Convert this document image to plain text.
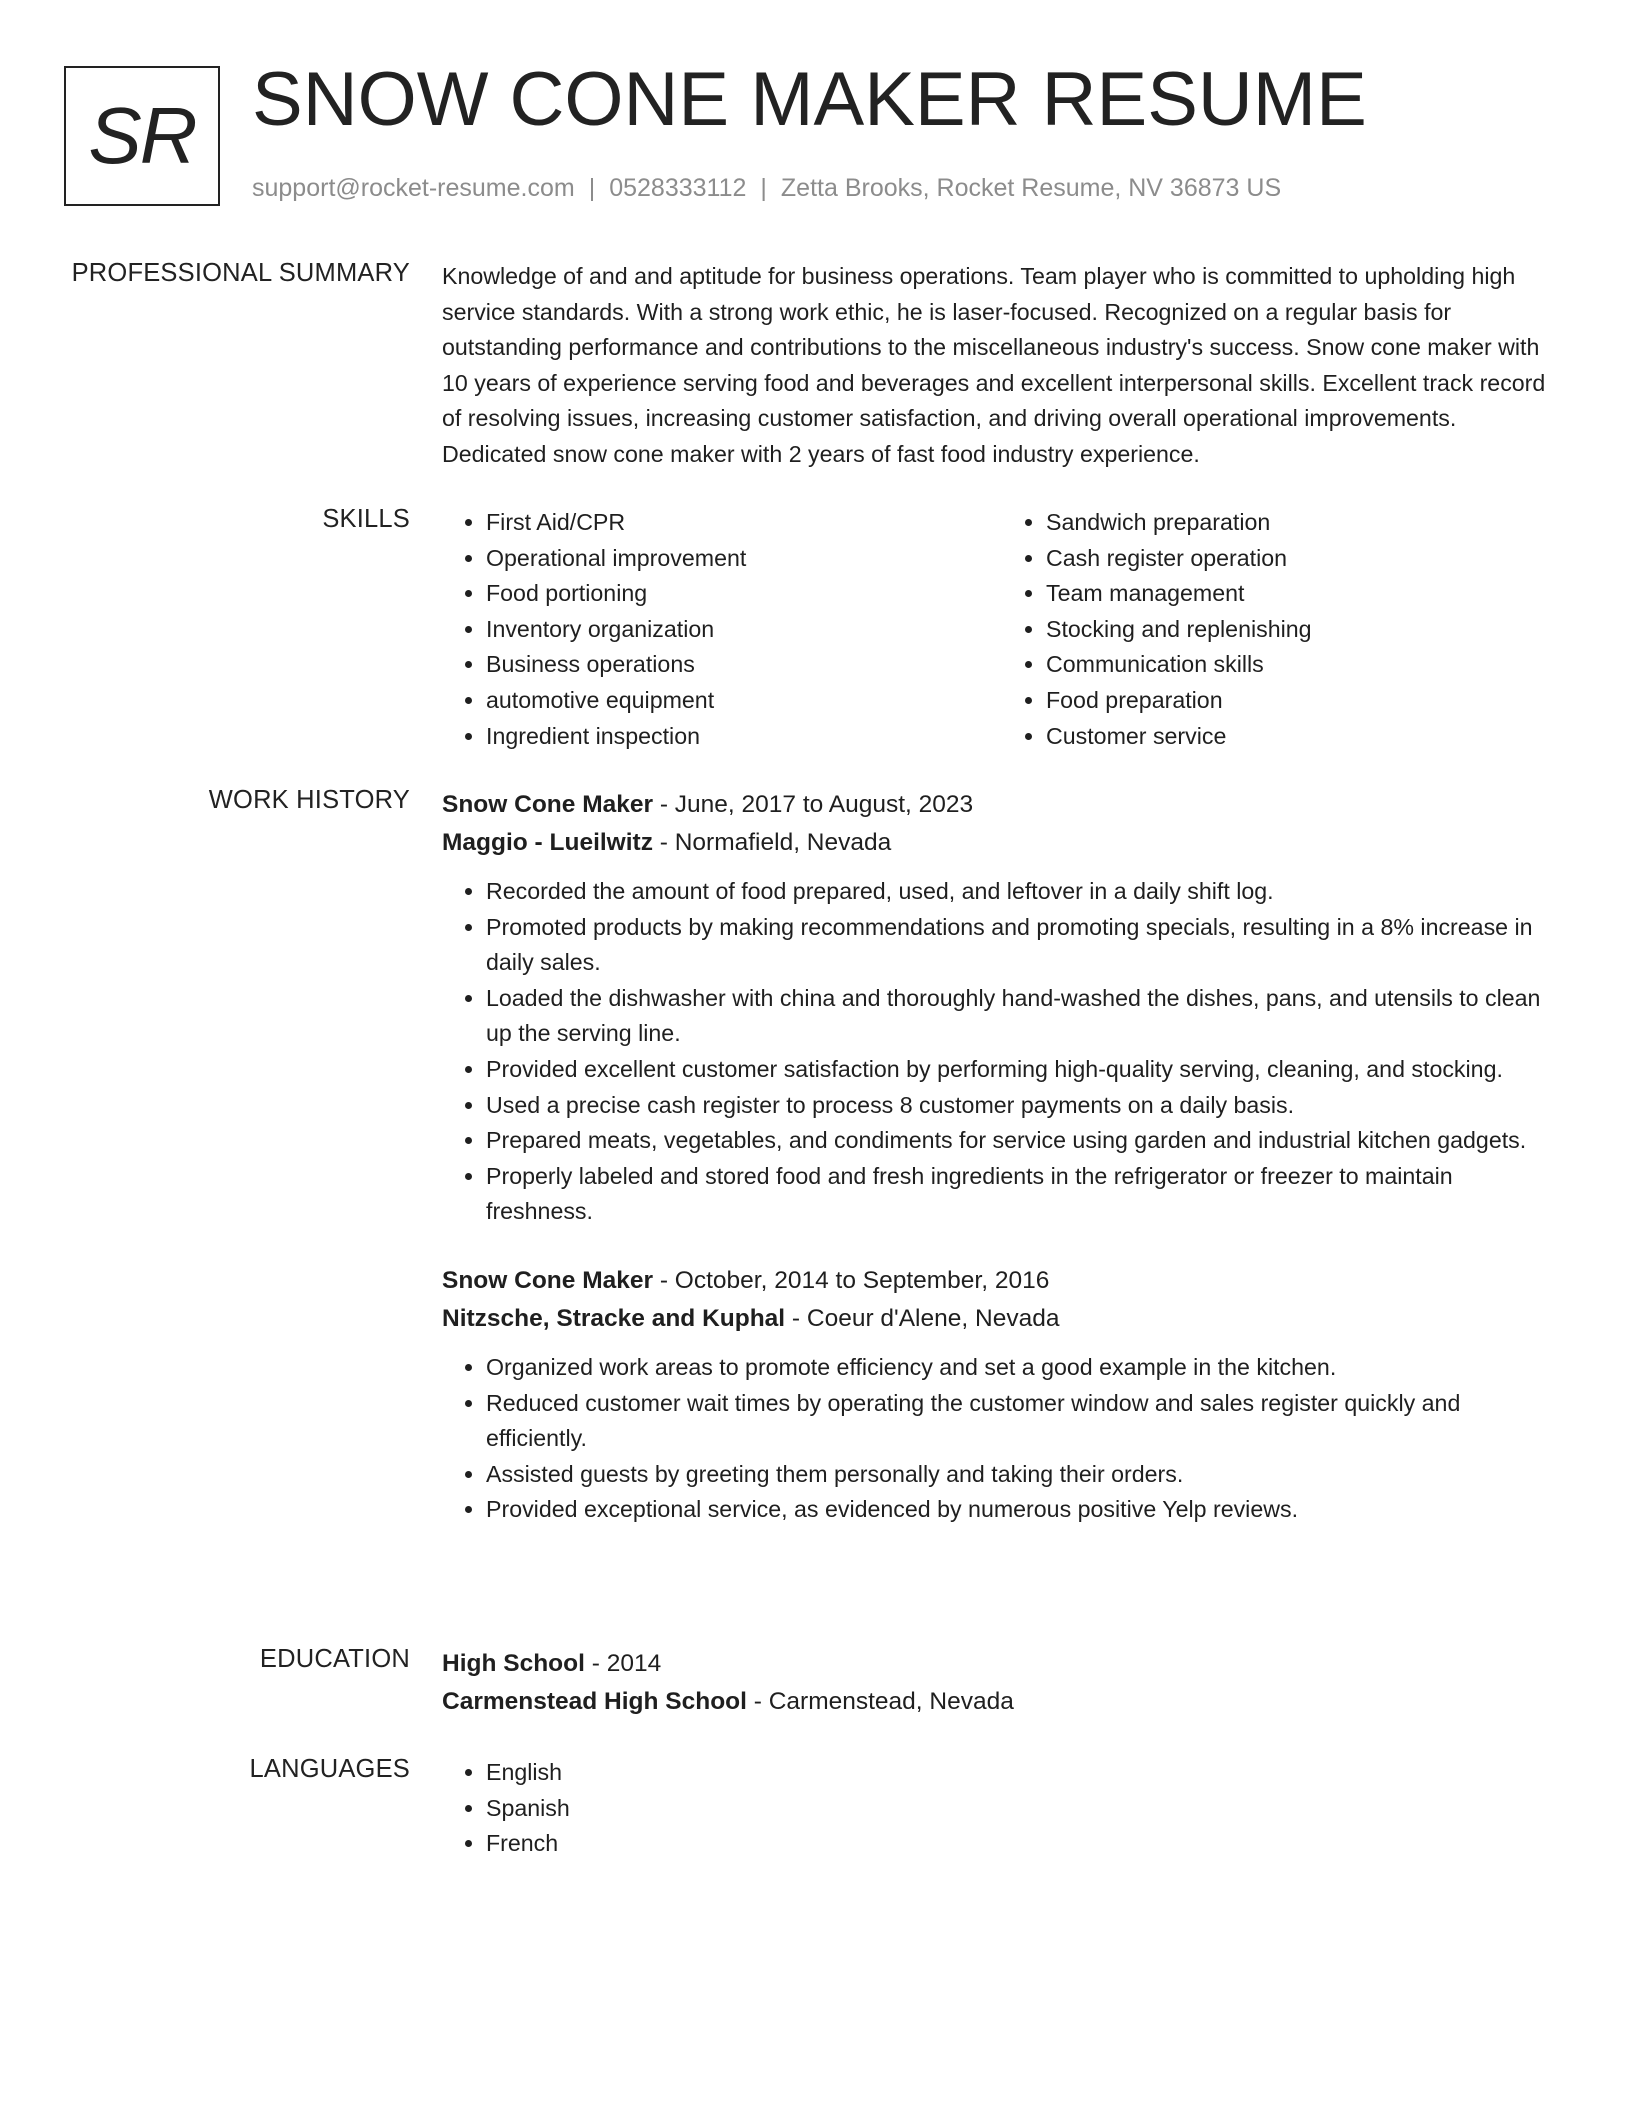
SR SNOW CONE MAKER RESUME
support@rocket-resume.com | 0528333112 | Zetta Brooks, Rocket Resume, NV 36873 US
PROFESSIONAL SUMMARY Knowledge of and and aptitude for business operations. Team player who is committed to upholding high service standards. With a strong work ethic, he is laser-focused. Recognized on a regular basis for outstanding performance and contributions to the miscellaneous industry's success. Snow cone maker with 10 years of experience serving food and beverages and excellent interpersonal skills. Excellent track record of resolving issues, increasing customer satisfaction, and driving overall operational improvements. Dedicated snow cone maker with 2 years of fast food industry experience.

SKILLS	• First Aid/CPR
• Operational improvement
• Food portioning
• Inventory organization
• Business operations
• automotive equipment
• Ingredient inspection
• Sandwich preparation
• Cash register operation
• Team management
• Stocking and replenishing
• Communication skills
• Food preparation
• Customer service
WORK HISTORY Snow Cone Maker - June, 2017 to August, 2023
Maggio - Lueilwitz - Normafield, Nevada
• Recorded the amount of food prepared, used, and leftover in a daily shift log.
• Promoted products by making recommendations and promoting specials, resulting in a 8% increase in daily sales.
• Loaded the dishwasher with china and thoroughly hand-washed the dishes, pans, and utensils to clean up the serving line.
• Provided excellent customer satisfaction by performing high-quality serving, cleaning, and stocking.
• Used a precise cash register to process 8 customer payments on a daily basis.
• Prepared meats, vegetables, and condiments for service using garden and industrial kitchen gadgets.
• Properly labeled and stored food and fresh ingredients in the refrigerator or freezer to maintain freshness.
Snow Cone Maker - October, 2014 to September, 2016
Nitzsche, Stracke and Kuphal - Coeur d'Alene, Nevada
• Organized work areas to promote efficiency and set a good example in the kitchen.
• Reduced customer wait times by operating the customer window and sales register quickly and efficiently.
• Assisted guests by greeting them personally and taking their orders.
• Provided exceptional service, as evidenced by numerous positive Yelp reviews.
EDUCATION High School - 2014
Carmenstead High School - Carmenstead, Nevada
LANGUAGES	• English
• Spanish
• French
